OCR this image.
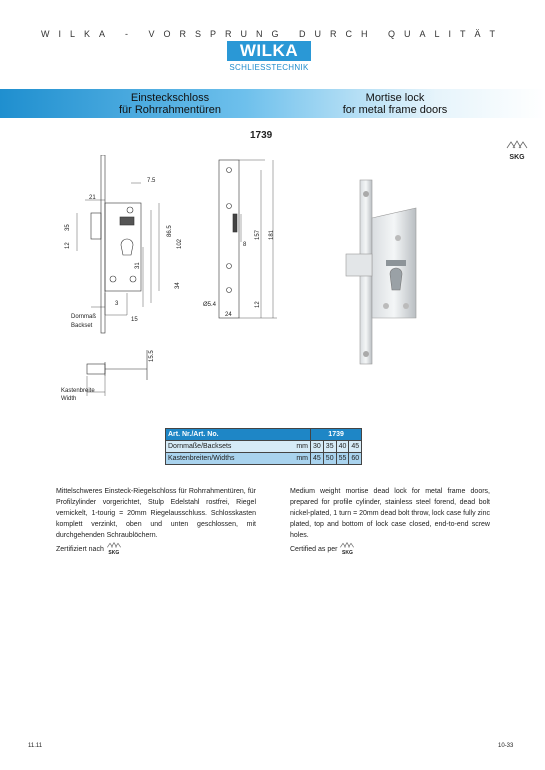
WILKA - VORSPRUNG DURCH QUALITÄT
WILKA
SCHLIESSTECHNIK
Einsteckschloss
für Rohrrahmentüren
Mortise lock
for metal frame doors
1739
SKG
21
7.5
35
12
86.5
102
31
34
3
15
Dornmaß
Backset
8
157 181
12
Ø5.4
24
15.5
Kastenbreite
Width
Art. Nr./Art. No.	1739			
Dornmaße/Backsets mm	30	35	40	45
Kastenbreiten/Widths mm	45	50	55	60
Mittelschweres Einsteck-Riegelschloss für Rohrrahmentüren, für Profilzylinder vorgerichtet, Stulp Edelstahl rostfrei, Riegel vernickelt, 1-tourig = 20mm Riegelausschluss. Schlosskasten komplett verzinkt, oben und unten geschlossen, mit durchgehenden Schraublöchern.
Medium weight mortise dead lock for metal frame doors, prepared for profile cylinder, stainless steel forend, dead bolt nickel-plated, 1 turn = 20mm dead bolt throw, lock case fully zinc plated, top and bottom of lock case closed, end-to-end screw holes.
Zertifiziert nach
SKG
Certified as per
SKG
11.11	10-33
